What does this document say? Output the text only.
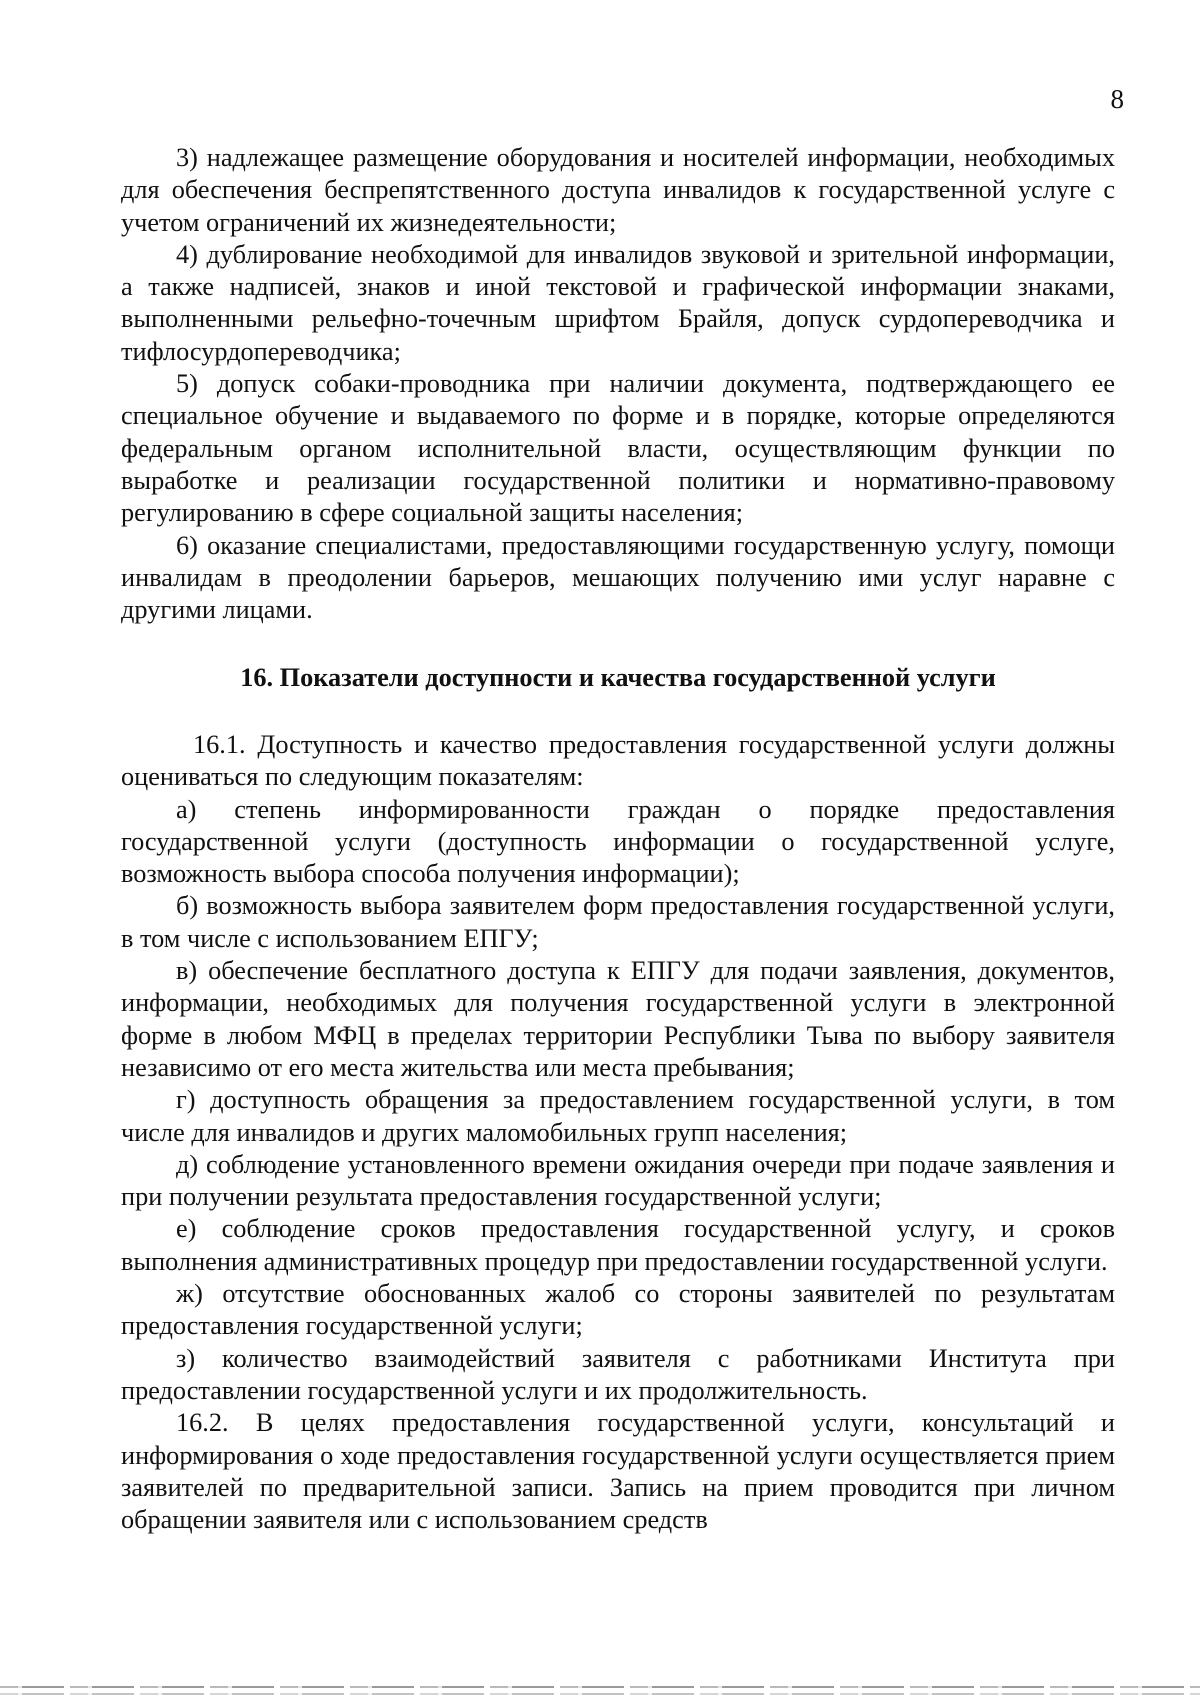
8

3) надлежащее размещение оборудования и носителей информации, необходимых для обеспечения беспрепятственного доступа инвалидов к государственной услуге с учетом ограничений их жизнедеятельности;

4) дублирование необходимой для инвалидов звуковой и зрительной информации, а также надписей, знаков и иной текстовой и графической информации знаками, выполненными рельефно-точечным шрифтом Брайля, допуск сурдопереводчика и тифлосурдопереводчика;

5) допуск собаки-проводника при наличии документа, подтверждающего ее специальное обучение и выдаваемого по форме и в порядке, которые определяются федеральным органом исполнительной власти, осуществляющим функции по выработке и реализации государственной политики и нормативно-правовому регулированию в сфере социальной защиты населения;

6) оказание специалистами, предоставляющими государственную услугу, помощи инвалидам в преодолении барьеров, мешающих получению ими услуг наравне с другими лицами.

16. Показатели доступности и качества государственной услуги

16.1. Доступность и качество предоставления государственной услуги должны оцениваться по следующим показателям:

а) степень информированности граждан о порядке предоставления государственной услуги (доступность информации о государственной услуге, возможность выбора способа получения информации);

б) возможность выбора заявителем форм предоставления государственной услуги, в том числе с использованием ЕПГУ;

в) обеспечение бесплатного доступа к ЕПГУ для подачи заявления, документов, информации, необходимых для получения государственной услуги в электронной форме в любом МФЦ в пределах территории Республики Тыва по выбору заявителя независимо от его места жительства или места пребывания;

г) доступность обращения за предоставлением государственной услуги, в том числе для инвалидов и других маломобильных групп населения;

д) соблюдение установленного времени ожидания очереди при подаче заявления и при получении результата предоставления государственной услуги;

е) соблюдение сроков предоставления государственной услугу, и сроков выполнения административных процедур при предоставлении государственной услуги.

ж) отсутствие обоснованных жалоб со стороны заявителей по результатам предоставления государственной услуги;

з) количество взаимодействий заявителя с работниками Института при предоставлении государственной услуги и их продолжительность.

16.2. В целях предоставления государственной услуги, консультаций и информирования о ходе предоставления государственной услуги осуществляется прием заявителей по предварительной записи. Запись на прием проводится при личном обращении заявителя или с использованием средств
